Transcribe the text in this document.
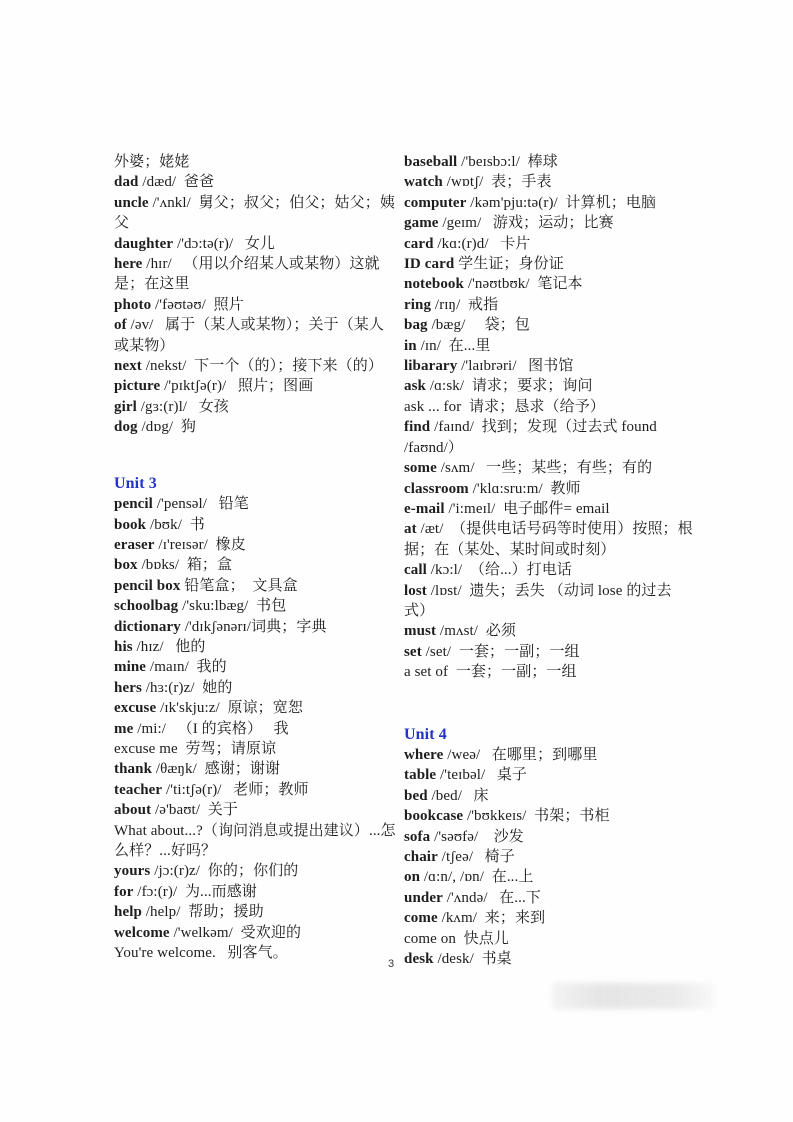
外婆；姥姥
dad /dæd/  爸爸
uncle /'ʌnkl/  舅父；叔父；伯父；姑父；姨父
daughter /'dɔ:tə(r)/   女儿
here /hɪr/   （用以介绍某人或某物）这就是；在这里
photo /'fəʊtəʊ/  照片
of /əv/   属于（某人或某物）；关于（某人或某物）
next /nekst/  下一个（的）；接下来（的）
picture /'pɪktʃə(r)/   照片；图画
girl /gɜ:(r)l/   女孩
dog /dɒg/  狗
Unit 3
pencil /'pensəl/   铅笔
book /bʊk/  书
eraser /ɪ'reɪsər/  橡皮
box /bɒks/  箱；盒
pencil box 铅笔盒；  文具盒
schoolbag /'sku:lbæg/  书包
dictionary /'dɪkʃənərɪ/词典；字典
his /hɪz/   他的
mine /maɪn/  我的
hers /hɜ:(r)z/  她的
excuse /ɪk'skju:z/  原谅；宽恕
me /mi:/   （I 的宾格）   我
excuse me  劳驾；请原谅
thank /θæŋk/  感谢；谢谢
teacher /'ti:tʃə(r)/   老师；教师
about /ə'baʊt/  关于
What about...?（询问消息或提出建议）...怎么样？...好吗？
yours /jɔ:(r)z/  你的；你们的
for /fɔ:(r)/  为...而感谢
help /help/  帮助；援助
welcome /'welkəm/  受欢迎的
You're welcome.   别客气。
baseball /'beɪsbɔ:l/  棒球
watch /wɒtʃ/  表；手表
computer /kəm'pju:tə(r)/  计算机；电脑
game /geɪm/   游戏；运动；比赛
card /kɑ:(r)d/   卡片
ID card 学生证；身份证
notebook /'nəʊtbʊk/  笔记本
ring /rɪŋ/  戒指
bag /bæg/     袋；包
in /ɪn/  在...里
libarary /'laɪbrəri/   图书馆
ask /ɑ:sk/  请求；要求；询问
ask ... for  请求；恳求（给予）
find /faɪnd/  找到；发现（过去式 found /faʊnd/）
some /sʌm/   一些；某些；有些；有的
classroom /'klɑ:sru:m/  教师
e-mail /'i:meɪl/  电子邮件= email
at /æt/  （提供电话号码等时使用）按照；根据；在（某处、某时间或时刻）
call /kɔ:l/  （给...）打电话
lost /lɒst/  遗失；丢失 （动词 lose 的过去式）
must /mʌst/  必须
set /set/  一套；一副；一组
a set of  一套；一副；一组
Unit 4
where /weə/   在哪里；到哪里
table /'teɪbəl/   桌子
bed /bed/   床
bookcase /'bʊkkeɪs/  书架；书柜
sofa /'səʊfə/    沙发
chair /tʃeə/   椅子
on /ɑ:n/, /ɒn/  在...上
under /'ʌndə/   在...下
come /kʌm/  来；来到
come on  快点儿
desk /desk/  书桌
3
